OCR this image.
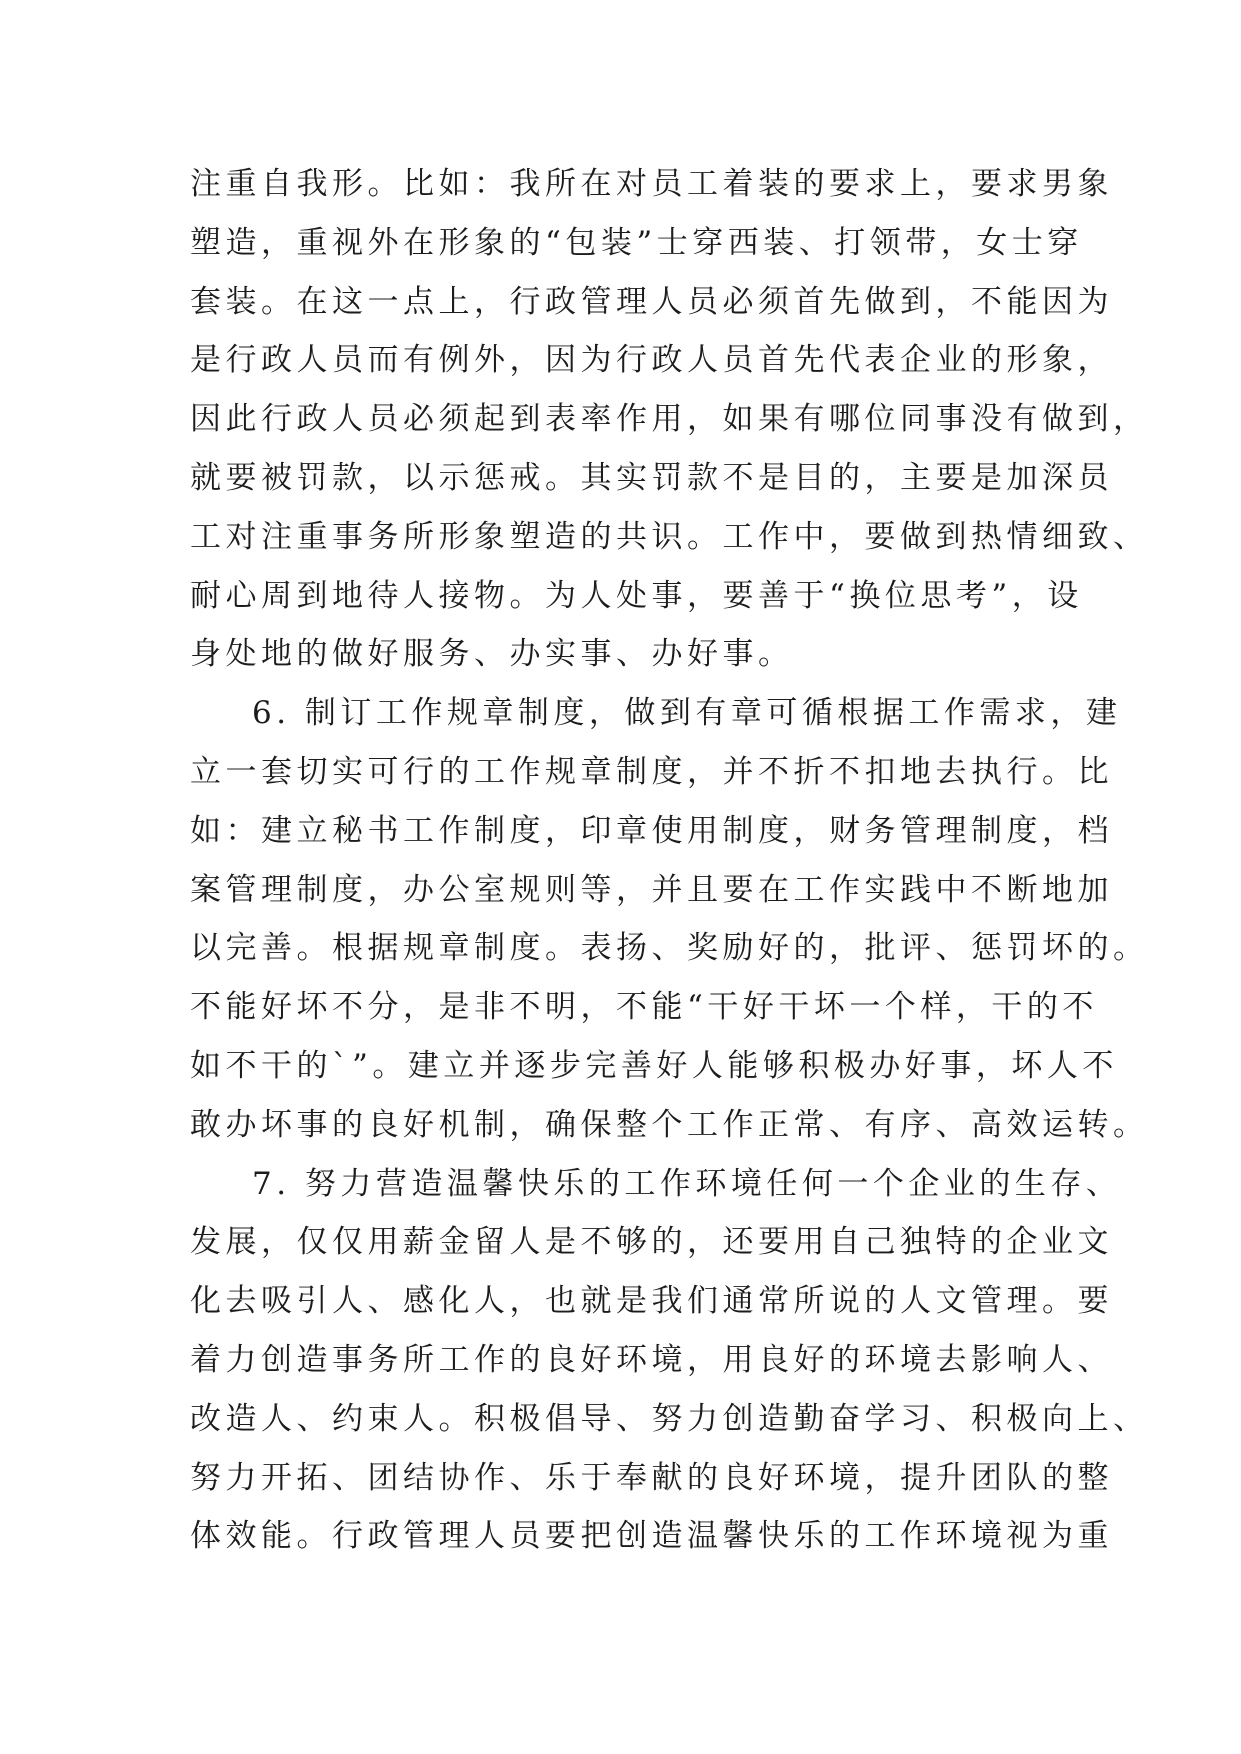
注重自我形。比如：我所在对员工着装的要求上，要求男象
塑造，重视外在形象的“包装”士穿西装、打领带，女士穿
套装。在这一点上，行政管理人员必须首先做到，不能因为
是行政人员而有例外，因为行政人员首先代表企业的形象，
因此行政人员必须起到表率作用，如果有哪位同事没有做到，
就要被罚款，以示惩戒。其实罚款不是目的，主要是加深员
工对注重事务所形象塑造的共识。工作中，要做到热情细致、
耐心周到地待人接物。为人处事，要善于“换位思考”，设
身处地的做好服务、办实事、办好事。
6. 制订工作规章制度，做到有章可循根据工作需求，建
立一套切实可行的工作规章制度，并不折不扣地去执行。比
如：建立秘书工作制度，印章使用制度，财务管理制度，档
案管理制度，办公室规则等，并且要在工作实践中不断地加
以完善。根据规章制度。表扬、奖励好的，批评、惩罚坏的。
不能好坏不分，是非不明，不能“干好干坏一个样，干的不
如不干的`”。建立并逐步完善好人能够积极办好事，坏人不
敢办坏事的良好机制，确保整个工作正常、有序、高效运转。
7. 努力营造温馨快乐的工作环境任何一个企业的生存、
发展，仅仅用薪金留人是不够的，还要用自己独特的企业文
化去吸引人、感化人，也就是我们通常所说的人文管理。要
着力创造事务所工作的良好环境，用良好的环境去影响人、
改造人、约束人。积极倡导、努力创造勤奋学习、积极向上、
努力开拓、团结协作、乐于奉献的良好环境，提升团队的整
体效能。行政管理人员要把创造温馨快乐的工作环境视为重
